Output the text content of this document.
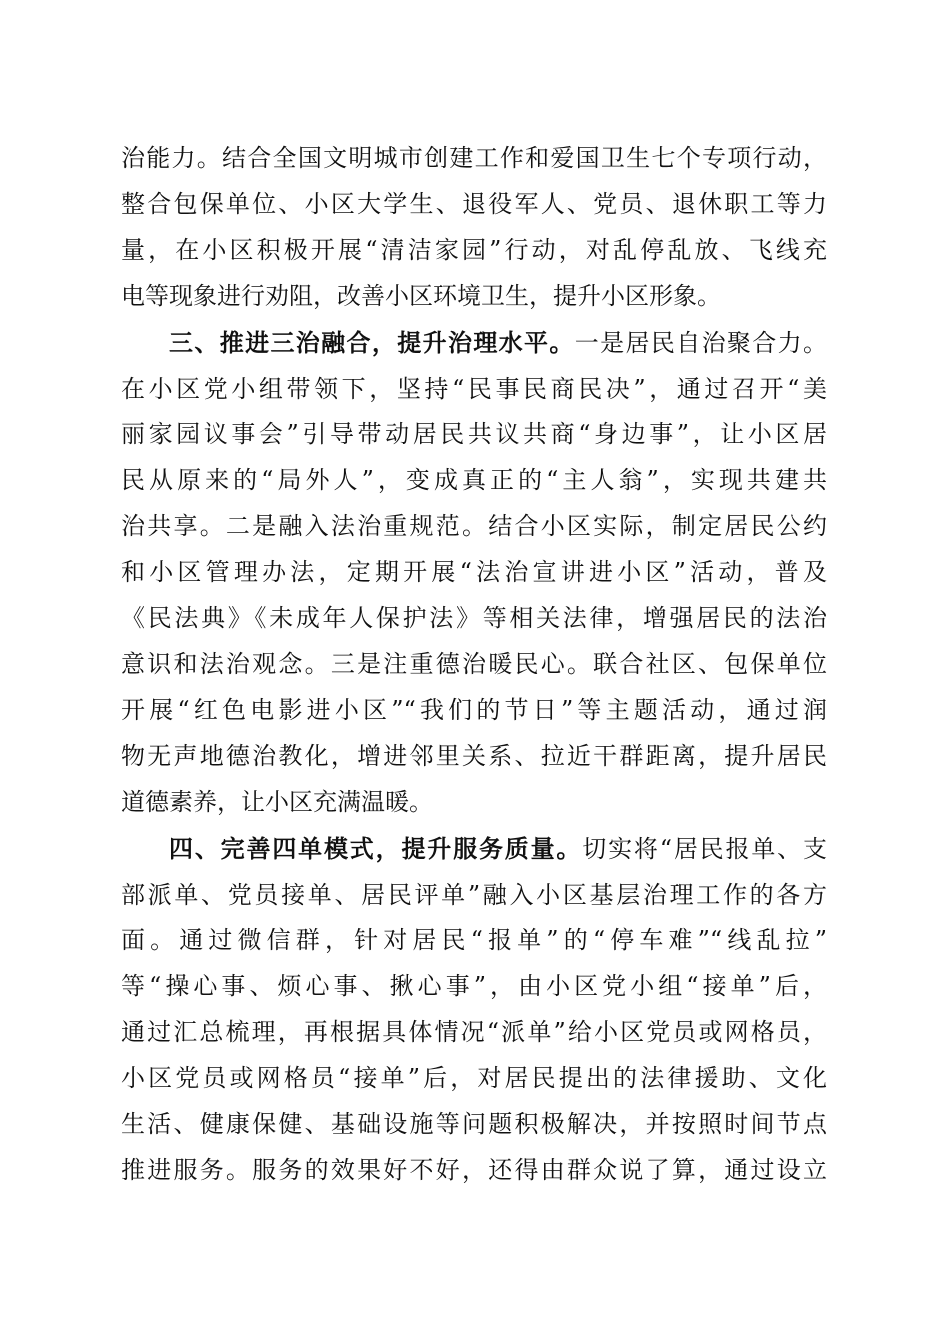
治能力。结合全国文明城市创建工作和爱国卫生七个专项行动，
整合包保单位、小区大学生、退役军人、党员、退休职工等力
量，在小区积极开展“清洁家园”行动，对乱停乱放、飞线充
电等现象进行劝阻，改善小区环境卫生，提升小区形象。

三、推进三治融合，提升治理水平。一是居民自治聚合力。
在小区党小组带领下，坚持“民事民商民决”，通过召开“美
丽家园议事会”引导带动居民共议共商“身边事”，让小区居
民从原来的“局外人”，变成真正的“主人翁”，实现共建共
治共享。二是融入法治重规范。结合小区实际，制定居民公约
和小区管理办法，定期开展“法治宣讲进小区”活动，普及
《民法典》《未成年人保护法》等相关法律，增强居民的法治
意识和法治观念。三是注重德治暖民心。联合社区、包保单位
开展“红色电影进小区”“我们的节日”等主题活动，通过润
物无声地德治教化，增进邻里关系、拉近干群距离，提升居民
道德素养，让小区充满温暖。

四、完善四单模式，提升服务质量。切实将“居民报单、支
部派单、党员接单、居民评单”融入小区基层治理工作的各方
面。通过微信群，针对居民“报单”的“停车难”“线乱拉”
等“操心事、烦心事、揪心事”，由小区党小组“接单”后，
通过汇总梳理，再根据具体情况“派单”给小区党员或网格员，
小区党员或网格员“接单”后，对居民提出的法律援助、文化
生活、健康保健、基础设施等问题积极解决，并按照时间节点
推进服务。服务的效果好不好，还得由群众说了算，通过设立
